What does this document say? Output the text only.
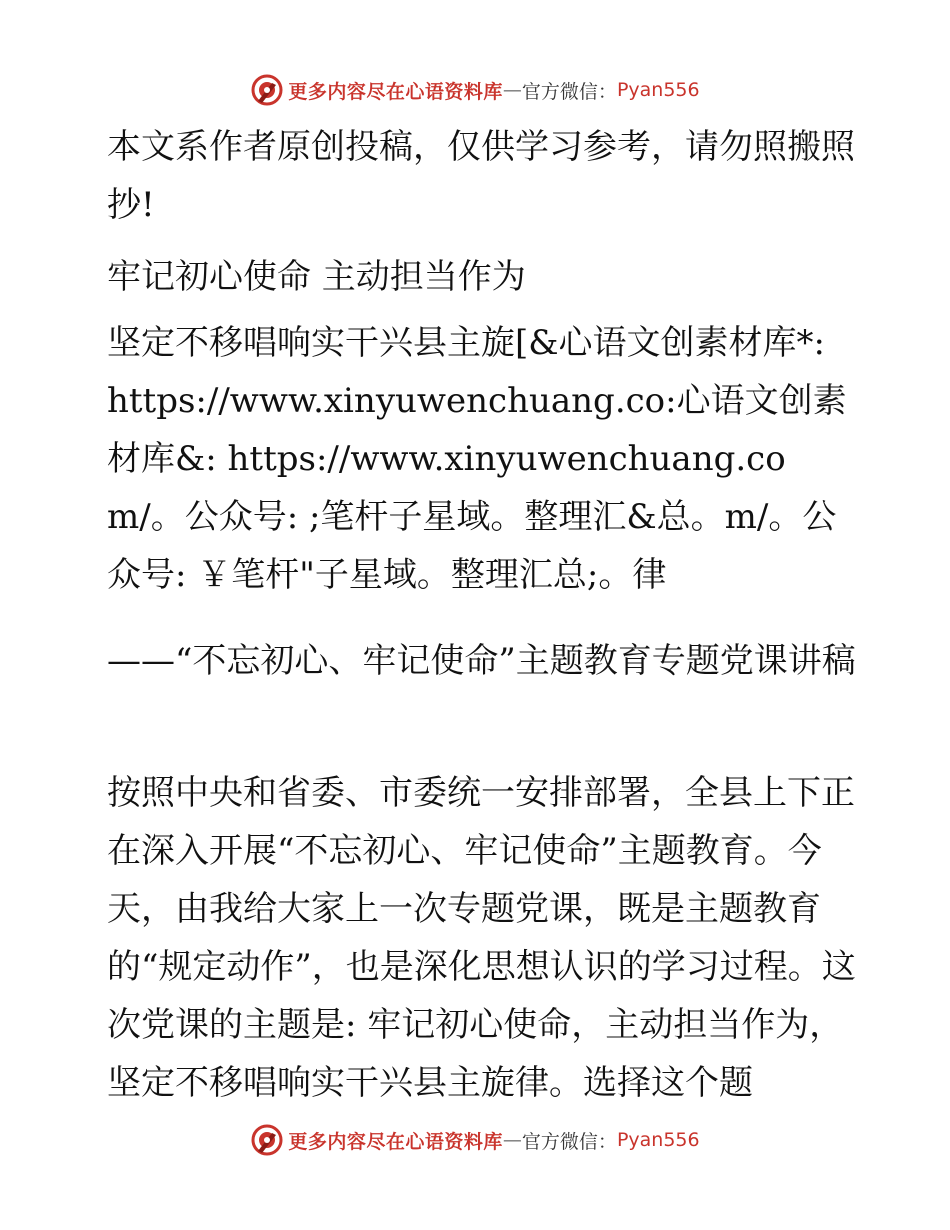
更多内容尽在心语资料库 — 官方微信： Pyan556

本文系作者原创投稿，仅供学习参考，请勿照搬照抄!

牢记初心使命 主动担当作为

坚定不移唱响实干兴县主旋[&心语文创素材库*: https://www.xinyuwenchuang.co:心语文创素材库&: https://www.xinyuwenchuang.com/。公众号: ;笔杆子星域。整理汇&总。m/。公众号: ￥笔杆"子星域。整理汇总;。律

——“不忘初心、牢记使命”主题教育专题党课讲稿

按照中央和省委、市委统一安排部署，全县上下正在深入开展“不忘初心、牢记使命”主题教育。今天，由我给大家上一次专题党课，既是主题教育的“规定动作”，也是深化思想认识的学习过程。这次党课的主题是: 牢记初心使命，主动担当作为，坚定不移唱响实干兴县主旋律。选择这个题

更多内容尽在心语资料库 — 官方微信： Pyan556
